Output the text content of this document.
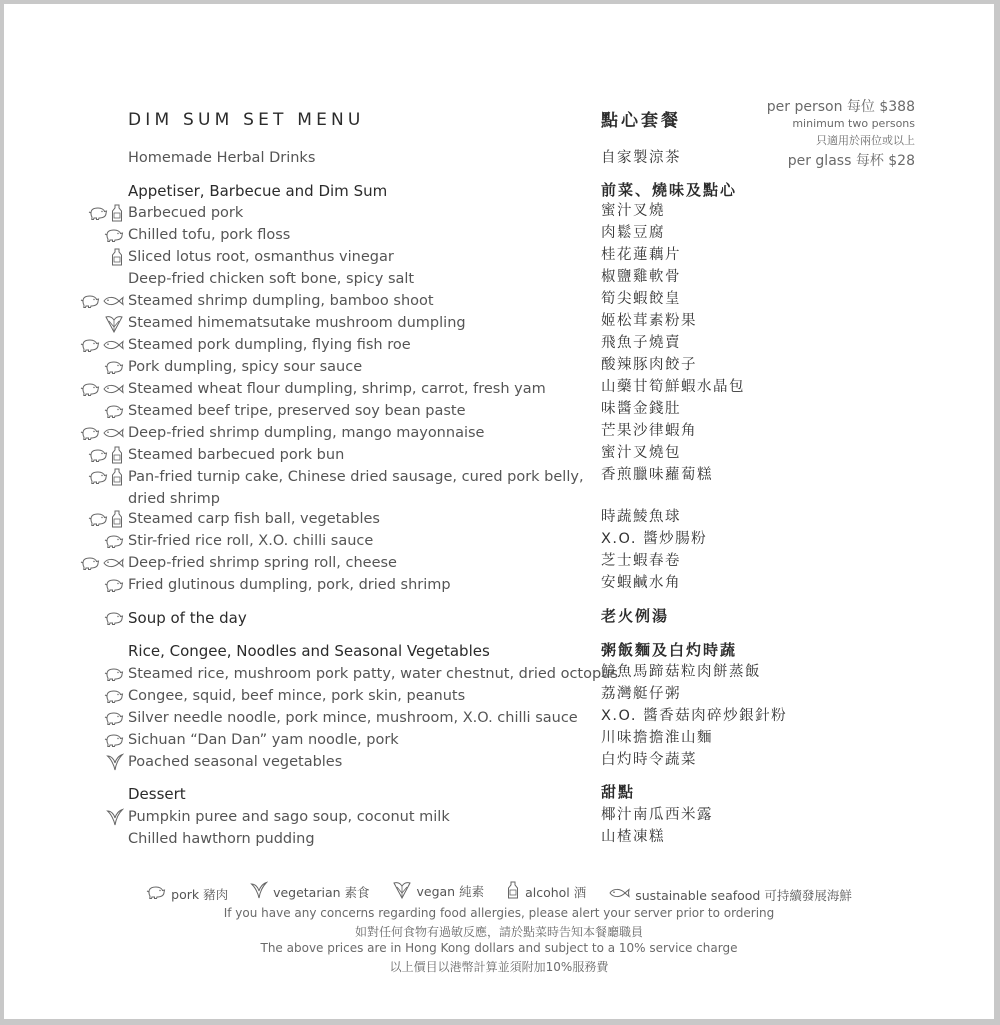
DIM SUM SET MENU	點心套餐
per person 每位 $388
minimum two persons
只適用於兩位或以上
per glass 每杯 $28
Homemade Herbal Drinks	自家製涼茶
Appetiser, Barbecue and Dim Sum	前菜、燒味及點心
Barbecued pork	蜜汁叉燒
Chilled tofu, pork floss	肉鬆豆腐
Sliced lotus root, osmanthus vinegar	桂花蓮藕片
Deep-fried chicken soft bone, spicy salt	椒鹽雞軟骨
Steamed shrimp dumpling, bamboo shoot	筍尖蝦餃皇
Steamed himematsutake mushroom dumpling	姬松茸素粉果
Steamed pork dumpling, flying fish roe	飛魚子燒賣
Pork dumpling, spicy sour sauce	酸辣豚肉餃子
Steamed wheat flour dumpling, shrimp, carrot, fresh yam	山藥甘筍鮮蝦水晶包
Steamed beef tripe, preserved soy bean paste	味醬金錢肚
Deep-fried shrimp dumpling, mango mayonnaise	芒果沙律蝦角
Steamed barbecued pork bun	蜜汁叉燒包
Pan-fried turnip cake, Chinese dried sausage, cured pork belly,
dried shrimp
香煎臘味蘿蔔糕
Steamed carp fish ball, vegetables	時蔬鯪魚球
Stir-fried rice roll, X.O. chilli sauce	X.O. 醬炒腸粉
Deep-fried shrimp spring roll, cheese	芝士蝦春卷
Fried glutinous dumpling, pork, dried shrimp	安蝦鹹水角
Soup of the day	老火例湯
Rice, Congee, Noodles and Seasonal Vegetables	粥飯麵及白灼時蔬
Steamed rice, mushroom pork patty, water chestnut, dried octopus
鱆魚馬蹄菇粒肉餅蒸飯
Congee, squid, beef mince, pork skin, peanuts	荔灣艇仔粥
Silver needle noodle, pork mince, mushroom, X.O. chilli sauce X.O. 醬香菇肉碎炒銀針粉
Sichuan “Dan Dan” yam noodle, pork	川味擔擔淮山麵
Poached seasonal vegetables	白灼時令蔬菜
Dessert	甜點
Pumpkin puree and sago soup, coconut milk	椰汁南瓜西米露
Chilled hawthorn pudding	山楂凍糕
pork 豬肉
	vegetarian 素食
	vegan 純素
	alcohol 酒
	sustainable seafood 可持續發展海鮮
If you have any concerns regarding food allergies, please alert your server prior to ordering
如對任何食物有過敏反應，請於點菜時告知本餐廳職員
The above prices are in Hong Kong dollars and subject to a 10% service charge
以上價目以港幣計算並須附加10%服務費
